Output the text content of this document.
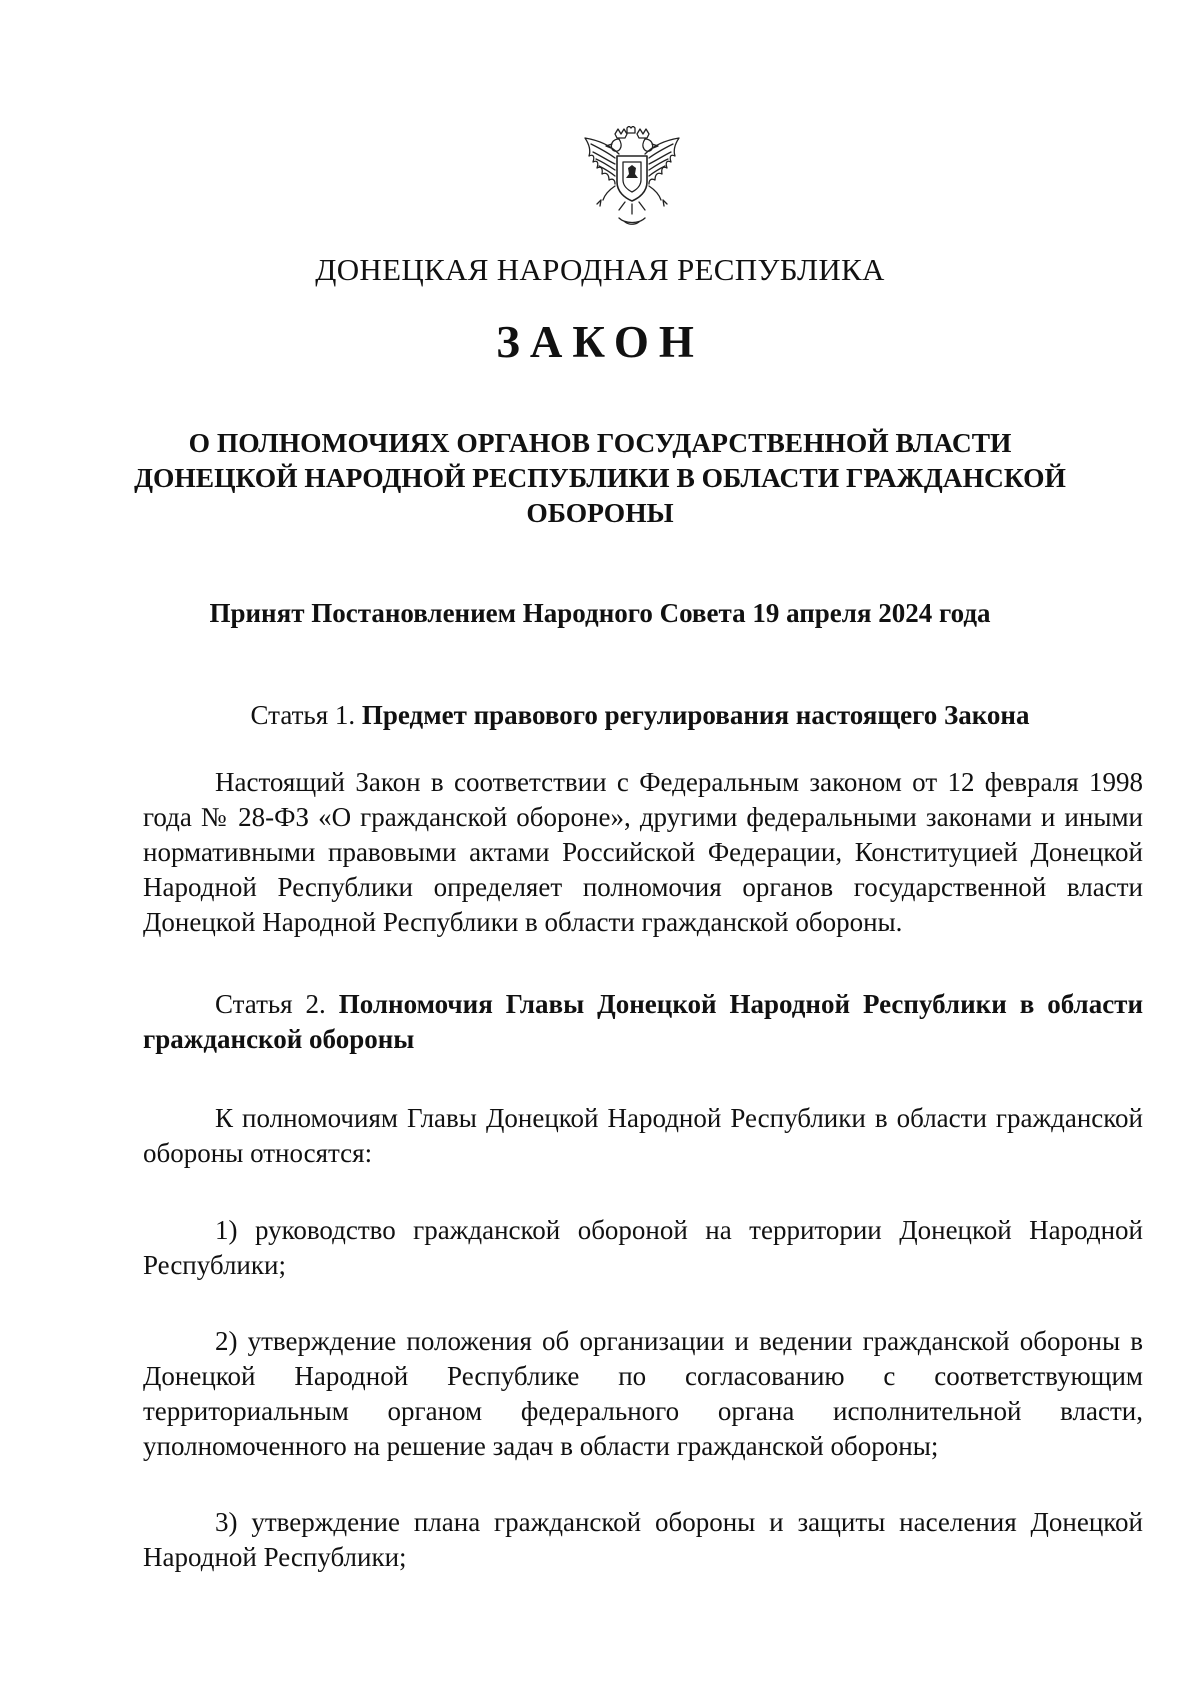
ДОНЕЦКАЯ НАРОДНАЯ РЕСПУБЛИКА
ЗАКОН
О ПОЛНОМОЧИЯХ ОРГАНОВ ГОСУДАРСТВЕННОЙ ВЛАСТИ
ДОНЕЦКОЙ НАРОДНОЙ РЕСПУБЛИКИ В ОБЛАСТИ ГРАЖДАНСКОЙ
ОБОРОНЫ
Принят Постановлением Народного Совета 19 апреля 2024 года
Статья 1. Предмет правового регулирования настоящего Закона

Настоящий Закон в соответствии с Федеральным законом от 12 февраля 1998 года № 28-ФЗ «О гражданской обороне», другими федеральными законами и иными нормативными правовыми актами Российской Федерации, Конституцией Донецкой Народной Республики определяет полномочия органов государственной власти Донецкой Народной Республики в области гражданской обороны.

Статья 2. Полномочия Главы Донецкой Народной Республики в области гражданской обороны

К полномочиям Главы Донецкой Народной Республики в области гражданской обороны относятся:

1) руководство гражданской обороной на территории Донецкой Народной Республики;

2) утверждение положения об организации и ведении гражданской обороны в Донецкой Народной Республике по согласованию с соответствующим территориальным органом федерального органа исполнительной власти, уполномоченного на решение задач в области гражданской обороны;

3) утверждение плана гражданской обороны и защиты населения Донецкой Народной Республики;
